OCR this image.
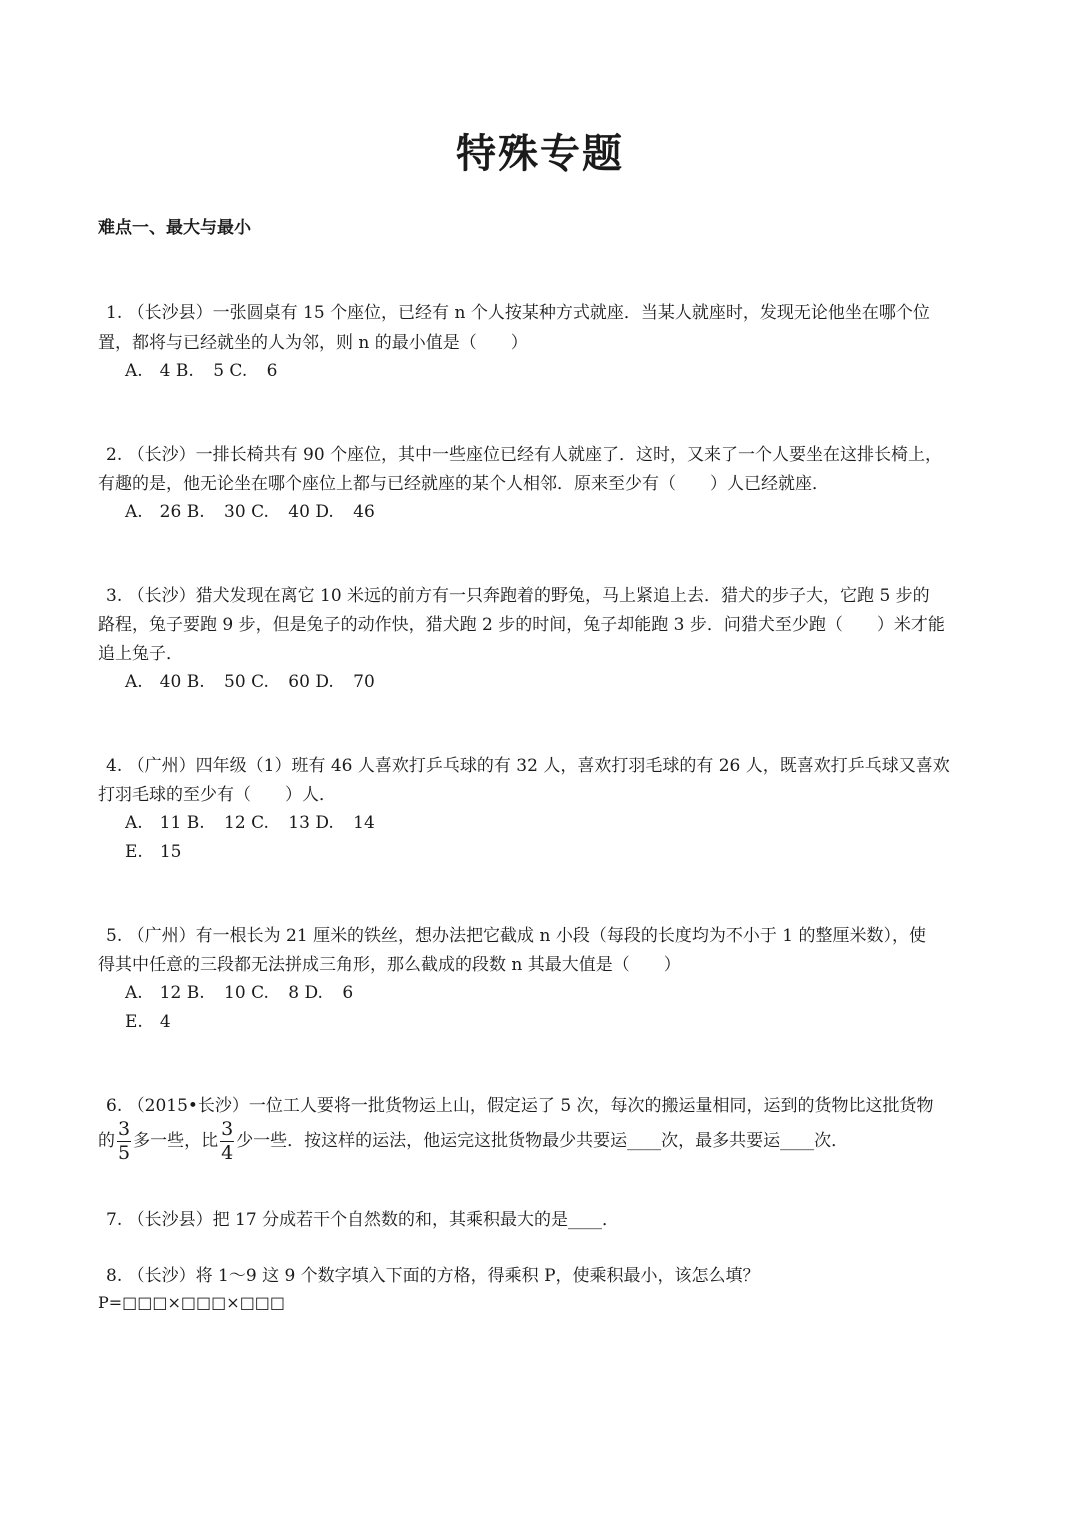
特殊专题
难点一、最大与最小
1. （长沙县）一张圆桌有 15 个座位，已经有 n 个人按某种方式就座．当某人就座时，发现无论他坐在哪个位
置，都将与已经就坐的人为邻，则 n 的最小值是（　　）
A.　4 B. 5 C. 6
2. （长沙）一排长椅共有 90 个座位，其中一些座位已经有人就座了．这时，又来了一个人要坐在这排长椅上，
有趣的是，他无论坐在哪个座位上都与已经就座的某个人相邻．原来至少有（　　）人已经就座．
A.　26 B. 30 C. 40 D. 46
3. （长沙）猎犬发现在离它 10 米远的前方有一只奔跑着的野兔，马上紧追上去．猎犬的步子大，它跑 5 步的
路程，兔子要跑 9 步，但是兔子的动作快，猎犬跑 2 步的时间，兔子却能跑 3 步．问猎犬至少跑（　　）米才能
追上兔子．
A.　40 B. 50 C. 60 D. 70
4. （广州）四年级（1）班有 46 人喜欢打乒乓球的有 32 人，喜欢打羽毛球的有 26 人，既喜欢打乒乓球又喜欢
打羽毛球的至少有（　　）人．
A.　11 B. 12 C. 13 D. 14
E.　15
5. （广州）有一根长为 21 厘米的铁丝，想办法把它截成 n 小段（每段的长度均为不小于 1 的整厘米数），使
得其中任意的三段都无法拼成三角形，那么截成的段数 n 其最大值是（　　）
A.　12 B. 10 C. 8 D. 6
E.　4
6. （2015•长沙）一位工人要将一批货物运上山，假定运了 5 次，每次的搬运量相同，运到的货物比这批货物
的 $\frac{3}{5}$ 多一些，比 $\frac{3}{4}$ 少一些．按这样的运法，他运完这批货物最少共要运____次，最多共要运____次．
7. （长沙县）把 17 分成若干个自然数的和，其乘积最大的是____．
8. （长沙）将 1～9 这 9 个数字填入下面的方格，得乘积 P，使乘积最小，该怎么填？
P=□□□×□□□×□□□
